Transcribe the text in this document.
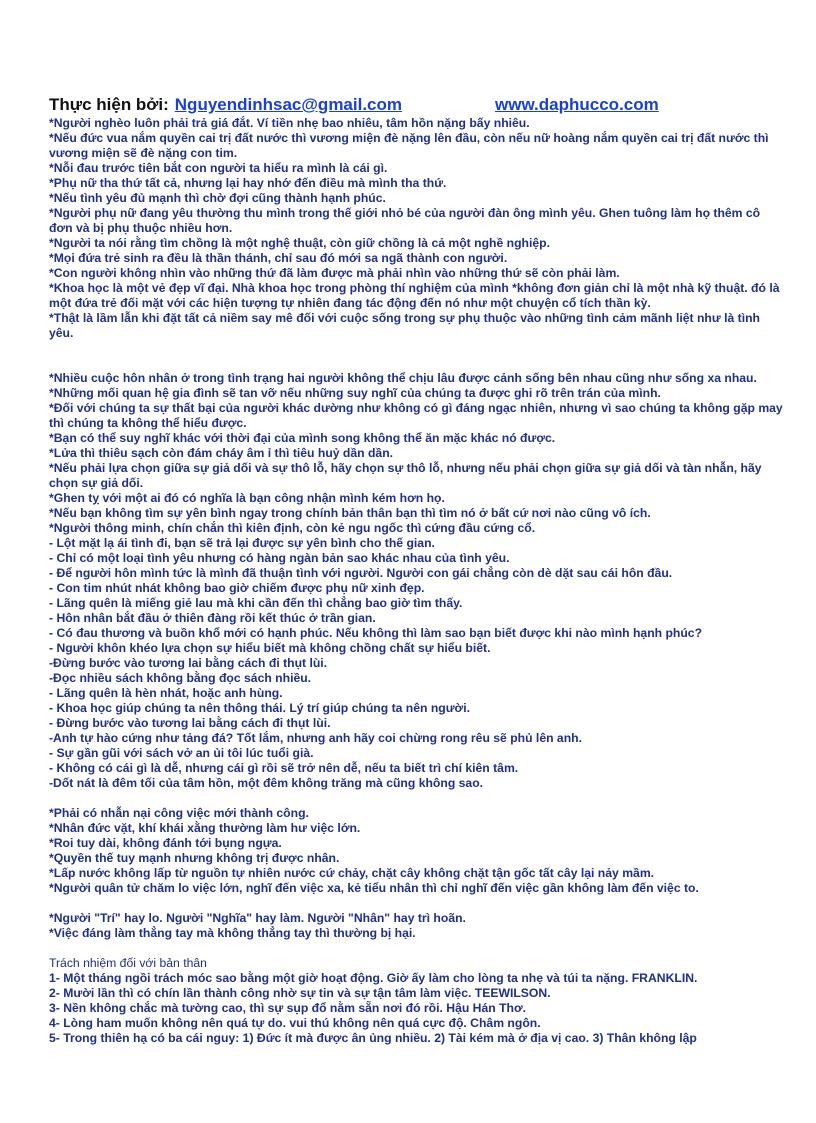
Thực hiện bởi: Nguyendinhsac@gmail.com	www.daphucco.com
*Người nghèo luôn phải trả giá đắt. Ví tiền nhẹ bao nhiêu, tâm hồn nặng bấy nhiêu.
*Nếu đức vua nắm quyền cai trị đất nước thì vương miện đè nặng lên đầu, còn nếu nữ hoàng nắm quyền cai trị đất nước thì vương miện sẽ đè nặng con tim.
*Nỗi đau trước tiên bắt con người ta hiểu ra mình là cái gì.
*Phụ nữ tha thứ tất cả, nhưng lại hay nhớ đến điều mà mình tha thứ.
*Nếu tình yêu đủ mạnh thì chờ đợi cũng thành hạnh phúc.
*Người phụ nữ đang yêu thường thu mình trong thế giới nhỏ bé của người đàn ông mình yêu. Ghen tuông làm họ thêm cô đơn và bị phụ thuộc nhiều hơn.
*Người ta nói rằng tìm chồng là một nghệ thuật, còn giữ chồng là cả một nghề nghiệp.
*Mọi đứa trẻ sinh ra đều là thần thánh, chỉ sau đó mới sa ngã thành con người.
*Con người không nhìn vào những thứ đã làm được mà phải nhìn vào những thứ sẽ còn phải làm.
*Khoa học là một vẻ đẹp vĩ đại. Nhà khoa học trong phòng thí nghiệm của mình *không đơn giản chỉ là một nhà kỹ thuật. đó là một đứa trẻ đối mặt với các hiện tượng tự nhiên đang tác động đến nó như một chuyện cổ tích thần kỳ.
*Thật là lầm lẫn khi đặt tất cả niềm say mê đối với cuộc sống trong sự phụ thuộc vào những tình cảm mãnh liệt như là tình yêu.
*Nhiều cuộc hôn nhân ở trong tình trạng hai người không thể chịu lâu được cảnh sống bên nhau cũng như sống xa nhau.
*Những mối quan hệ gia đình sẽ tan vỡ nếu những suy nghĩ của chúng ta được ghi rõ trên trán của mình.
*Đối với chúng ta sự thất bại của người khác dường như không có gì đáng ngạc nhiên, nhưng vì sao chúng ta không gặp may thì chúng ta không thể hiểu được.
*Bạn có thể suy nghĩ khác với thời đại của mình song không thể ăn mặc khác nó được.
*Lửa thì thiêu sạch còn đám cháy âm ỉ thì tiêu huỷ dần dần.
*Nếu phải lựa chọn giữa sự giả dối và sự thô lỗ, hãy chọn sự thô lỗ, nhưng nếu phải chọn giữa sự giả dối và tàn nhẫn, hãy chọn sự giả dối.
*Ghen tỵ với một ai đó có nghĩa là bạn công nhận mình kém hơn họ.
*Nếu bạn không tìm sự yên bình ngay trong chính bản thân bạn thì tìm nó ở bất cứ nơi nào cũng vô ích.
*Người thông minh, chín chắn thì kiên định, còn kẻ ngu ngốc thì cứng đầu cứng cổ.
- Lột mặt lạ ái tình đi, bạn sẽ trả lại được sự yên bình cho thế gian.
- Chỉ có một loại tình yêu nhưng có hàng ngàn bản sao khác nhau của tình yêu.
- Để người hôn mình tức là mình đã thuận tình với người. Người con gái chẳng còn dè dặt sau cái hôn đầu.
- Con tim nhút nhát không bao giờ chiếm được phụ nữ xinh đẹp.
- Lãng quên là miếng giẻ lau mà khi cần đến thì chẳng bao giờ tìm thấy.
- Hôn nhân bắt đầu ở thiên đàng rồi kết thúc ở trần gian.
- Có đau thương và buồn khổ mới có hạnh phúc. Nếu không thì làm sao bạn biết được khi nào mình hạnh phúc?
- Người khôn khéo lựa chọn sự hiểu biết mà không chồng chất sự hiểu biết.
-Đừng bước vào tương lai bằng cách đi thụt lùi.
-Đọc nhiều sách không bằng đọc sách nhiều.
- Lãng quên là hèn nhát, hoặc anh hùng.
- Khoa học giúp chúng ta nên thông thái. Lý trí giúp chúng ta nên người.
- Đừng bước vào tương lai bằng cách đi thụt lùi.
-Anh tự hào cứng như tảng đá? Tốt lắm, nhưng anh hãy coi chừng rong rêu sẽ phủ lên anh.
- Sự gần gũi với sách vở an ủi tôi lúc tuổi già.
- Không có cái gì là dễ, nhưng cái gì rồi sẽ trở nên dễ, nếu ta biết trì chí kiên tâm.
-Dốt nát là đêm tối của tâm hồn, một đêm không trăng mà cũng không sao.
*Phải có nhẫn nại công việc mới thành công.
*Nhân đức vặt, khí khái xằng thường làm hư việc lớn.
*Roi tuy dài, không đánh tới bụng ngựa.
*Quyền thế tuy mạnh nhưng không trị được nhân.
*Lấp nước không lấp từ nguồn tự nhiên nước cứ chảy, chặt cây không chặt tận gốc tất cây lại nảy mầm.
*Người quân tử chăm lo việc lớn, nghĩ đến việc xa, kẻ tiểu nhân thì chỉ nghĩ đến việc gần không làm đến việc to.
*Người "Trí" hay lo. Người "Nghĩa" hay làm. Người "Nhân" hay trì hoãn.
*Việc đáng làm thẳng tay mà không thẳng tay thì thường bị hại.
Trách nhiệm đối với bản thân
1- Một tháng ngồi trách móc sao bằng một giờ hoạt động. Giờ ấy làm cho lòng ta nhẹ và túi ta nặng. FRANKLIN.
2- Mười lần thì có chín lần thành công nhờ sự tin và sự tận tâm làm việc. TEEWILSON.
3- Nền không chắc mà tường cao, thì sự sụp đổ nằm sẵn nơi đó rồi. Hậu Hán Thơ.
4- Lòng ham muốn không nên quá tự do. vui thú không nên quá cực độ. Châm ngôn.
5- Trong thiên hạ có ba cái nguy: 1) Đức ít mà được ân ủng nhiều. 2) Tài kém mà ở địa vị cao. 3) Thân không lập
